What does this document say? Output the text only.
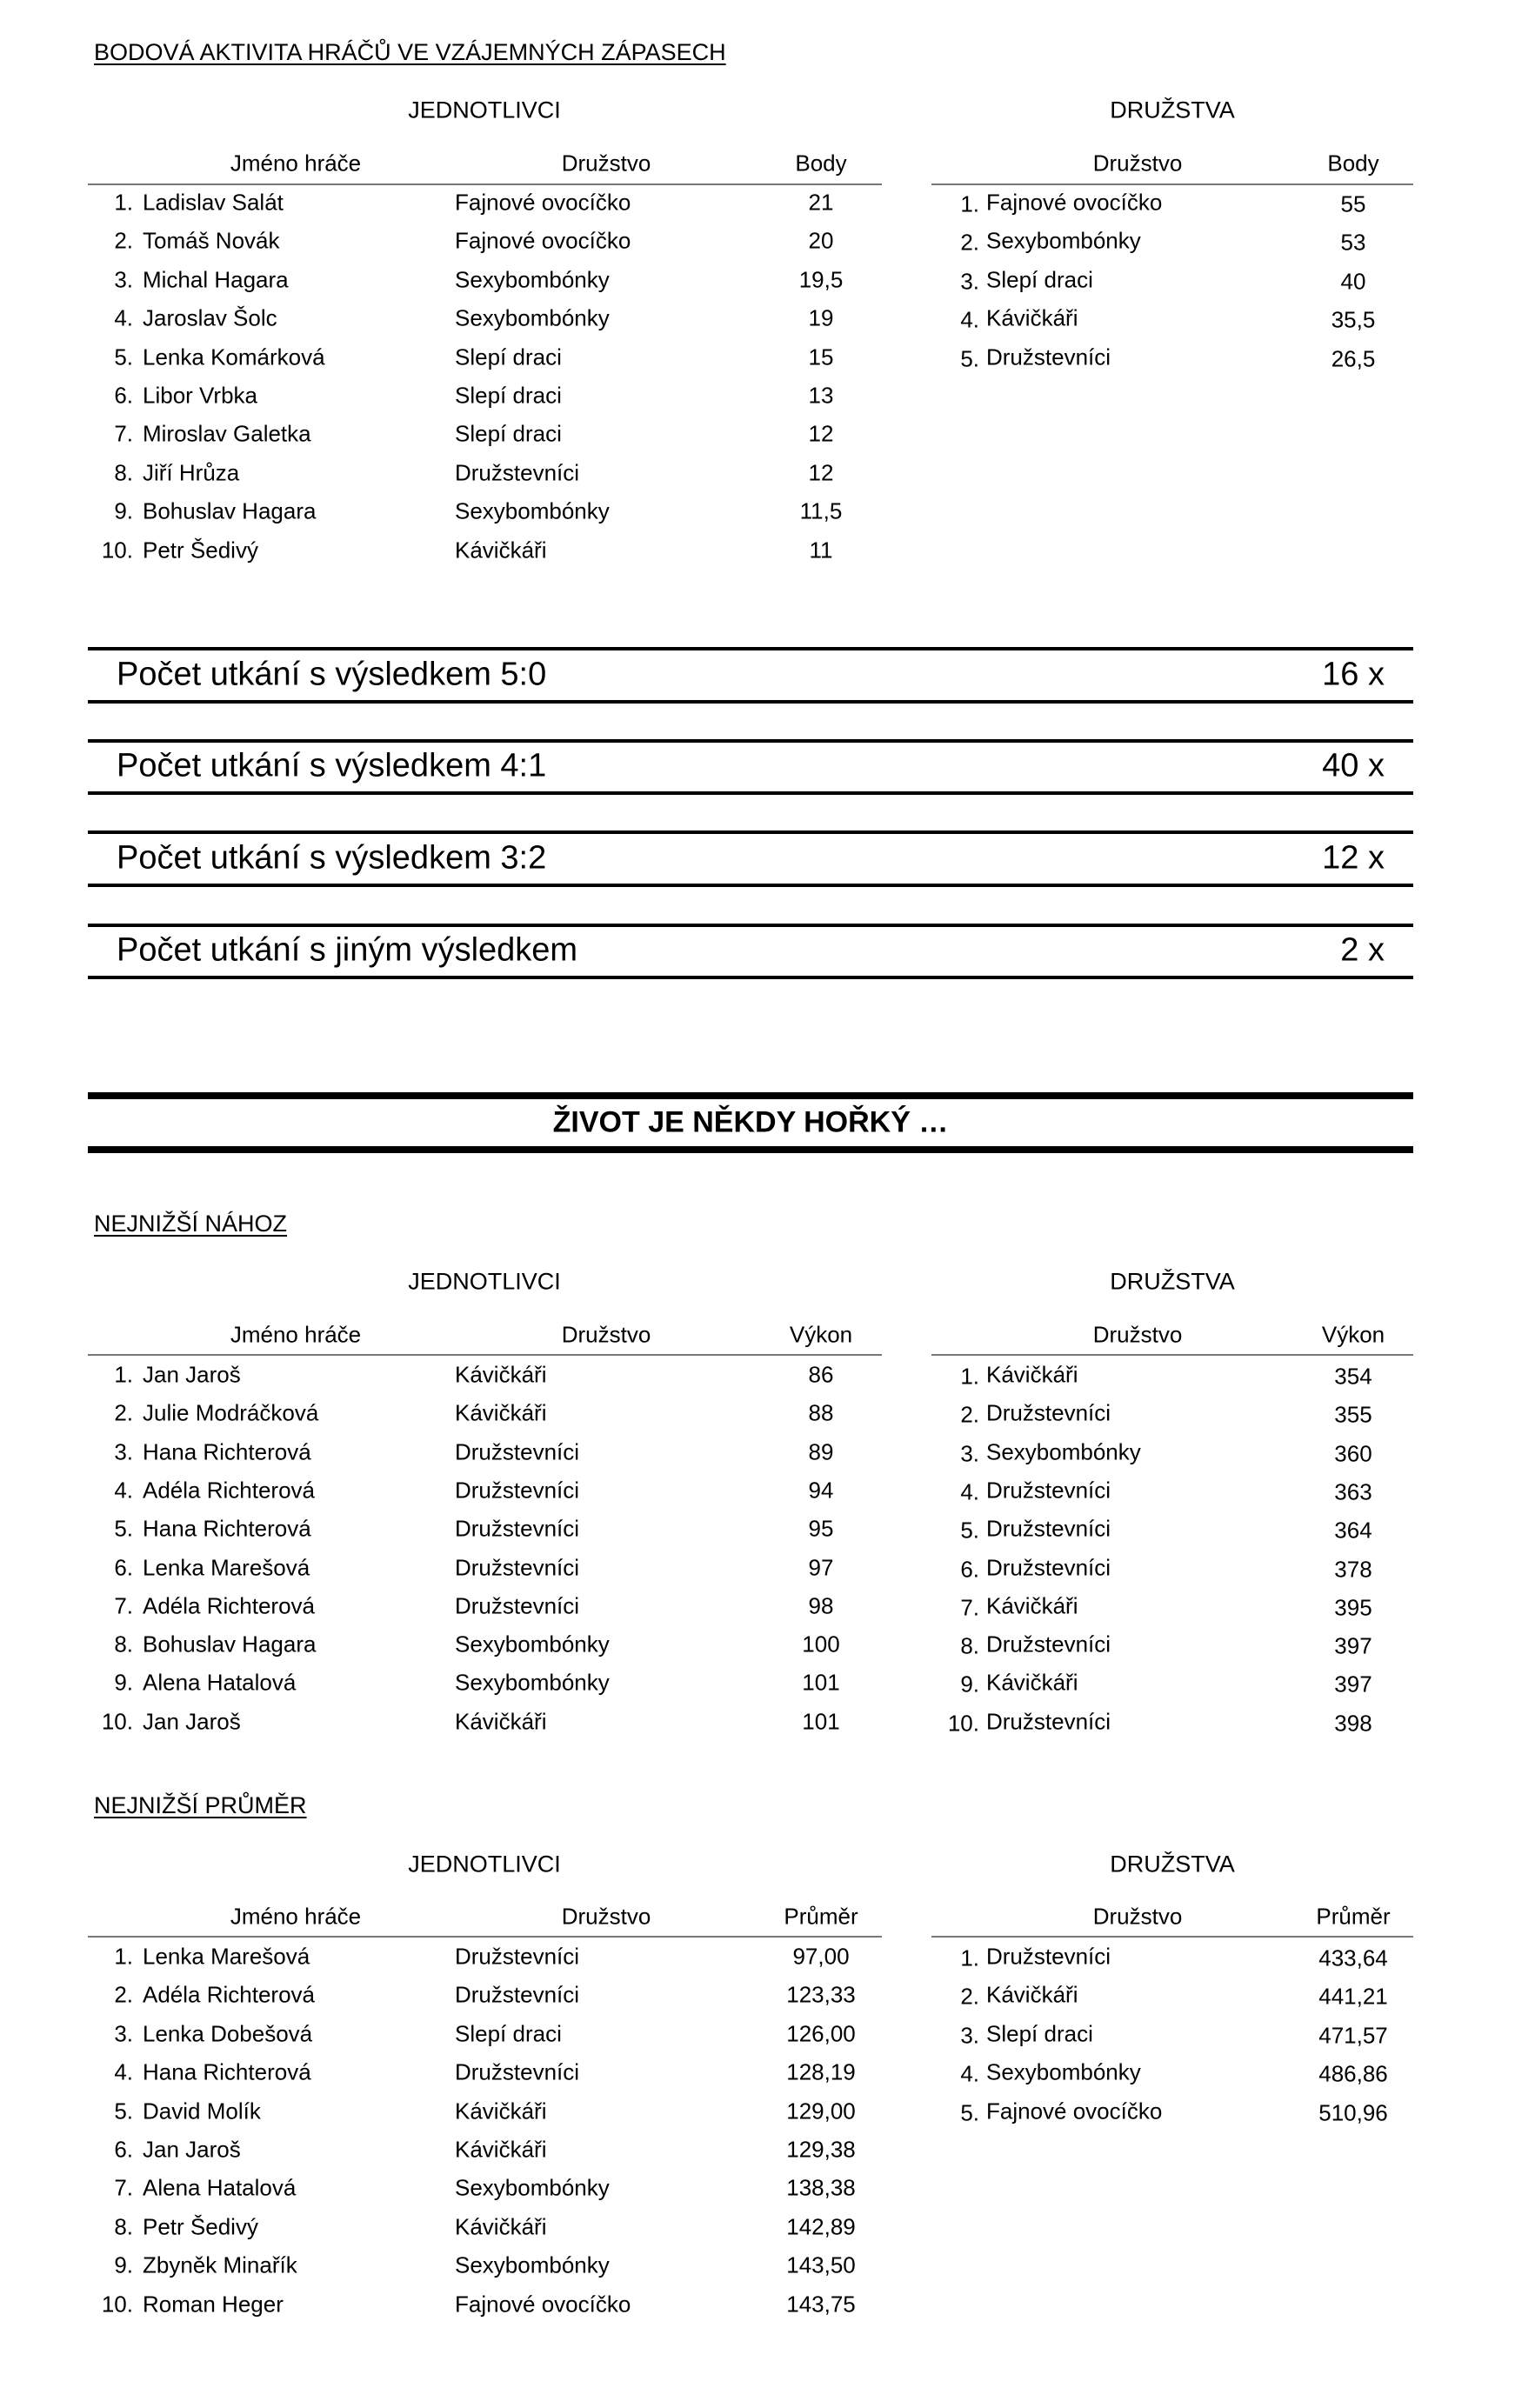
BODOVÁ AKTIVITA HRÁČŮ VE VZÁJEMNÝCH ZÁPASECH
JEDNOTLIVCI
Jméno hráče	Družstvo	Body
1. Ladislav Salát	Fajnové ovocíčko	21
2. Tomáš Novák	Fajnové ovocíčko	20
3. Michal Hagara	Sexybombónky	19,5
4. Jaroslav Šolc	Sexybombónky	19
5. Lenka Komárková	Slepí draci	15
6. Libor Vrbka	Slepí draci	13
7. Miroslav Galetka	Slepí draci	12
8. Jiří Hrůza	Družstevníci	12
9. Bohuslav Hagara	Sexybombónky	11,5
10. Petr Šedivý	Kávičkáři	11
DRUŽSTVA
Družstvo	Body
1. Fajnové ovocíčko	55
2. Sexybombónky	53
3. Slepí draci	40
4. Kávičkáři	35,5
5. Družstevníci	26,5
Počet utkání s výsledkem 5:0	16 x
Počet utkání s výsledkem 4:1	40 x
Počet utkání s výsledkem 3:2	12 x
Počet utkání s jiným výsledkem	2 x
ŽIVOT JE NĚKDY HOŘKÝ …
NEJNIŽŠÍ NÁHOZ
JEDNOTLIVCI
Jméno hráče	Družstvo	Výkon
1. Jan Jaroš	Kávičkáři	86
2. Julie Modráčková	Kávičkáři	88
3. Hana Richterová	Družstevníci	89
4. Adéla Richterová	Družstevníci	94
5. Hana Richterová	Družstevníci	95
6. Lenka Marešová	Družstevníci	97
7. Adéla Richterová	Družstevníci	98
8. Bohuslav Hagara	Sexybombónky	100
9. Alena Hatalová	Sexybombónky	101
10. Jan Jaroš	Kávičkáři	101
DRUŽSTVA
Družstvo	Výkon
1. Kávičkáři	354
2. Družstevníci	355
3. Sexybombónky	360
4. Družstevníci	363
5. Družstevníci	364
6. Družstevníci	378
7. Kávičkáři	395
8. Družstevníci	397
9. Kávičkáři	397
10. Družstevníci	398
NEJNIŽŠÍ PRŮMĚR
JEDNOTLIVCI
Jméno hráče	Družstvo	Průměr
1. Lenka Marešová	Družstevníci	97,00
2. Adéla Richterová	Družstevníci	123,33
3. Lenka Dobešová	Slepí draci	126,00
4. Hana Richterová	Družstevníci	128,19
5. David Molík	Kávičkáři	129,00
6. Jan Jaroš	Kávičkáři	129,38
7. Alena Hatalová	Sexybombónky	138,38
8. Petr Šedivý	Kávičkáři	142,89
9. Zbyněk Minařík	Sexybombónky	143,50
10. Roman Heger	Fajnové ovocíčko	143,75
DRUŽSTVA
Družstvo	Průměr
1. Družstevníci	433,64
2. Kávičkáři	441,21
3. Slepí draci	471,57
4. Sexybombónky	486,86
5. Fajnové ovocíčko	510,96
